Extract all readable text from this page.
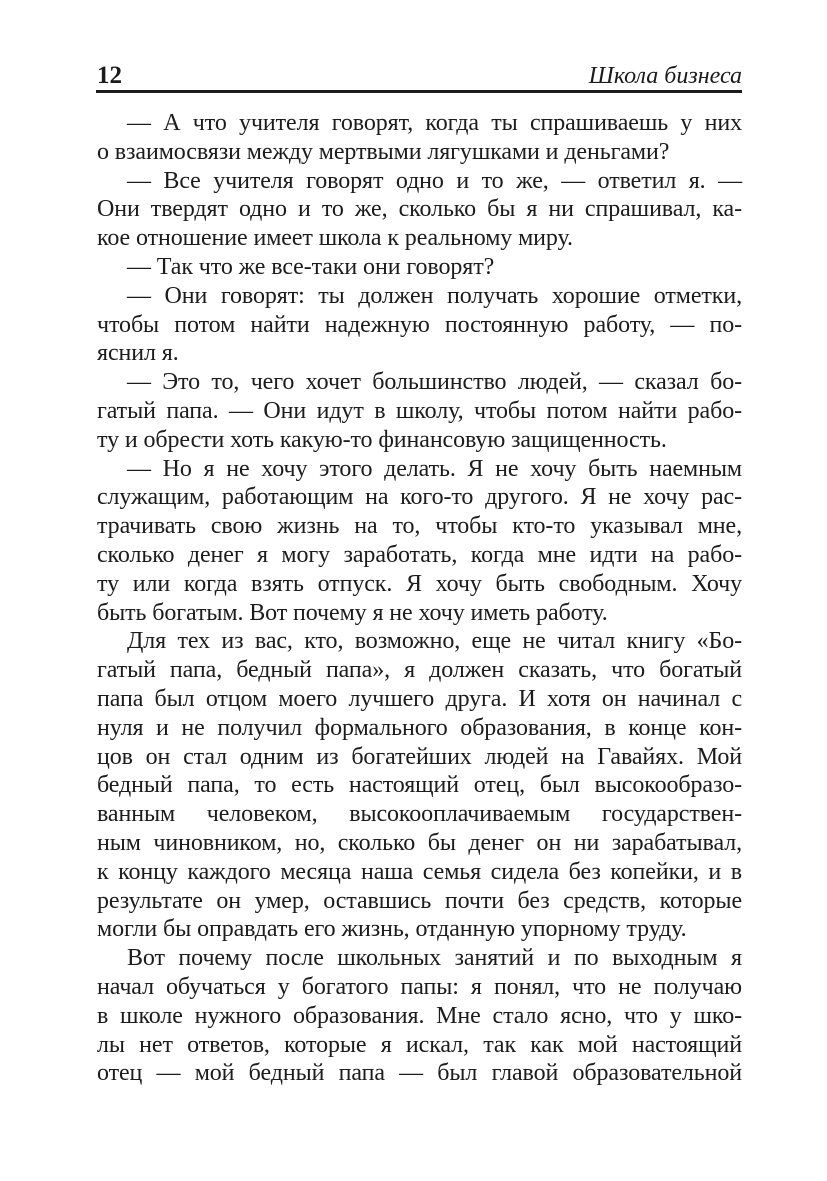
12	Школа бизнеса
— А что учителя говорят, когда ты спрашиваешь у них
о взаимосвязи между мертвыми лягушками и деньгами?
— Все учителя говорят одно и то же, — ответил я. —
Они твердят одно и то же, сколько бы я ни спрашивал, ка-
кое отношение имеет школа к реальному миру.
— Так что же все-таки они говорят?
— Они говорят: ты должен получать хорошие отметки,
чтобы потом найти надежную постоянную работу, — по-
яснил я.
— Это то, чего хочет большинство людей, — сказал бо-
гатый папа. — Они идут в школу, чтобы потом найти рабо-
ту и обрести хоть какую-то финансовую защищенность.
— Но я не хочу этого делать. Я не хочу быть наемным
служащим, работающим на кого-то другого. Я не хочу рас-
трачивать свою жизнь на то, чтобы кто-то указывал мне,
сколько денег я могу заработать, когда мне идти на рабо-
ту или когда взять отпуск. Я хочу быть свободным. Хочу
быть богатым. Вот почему я не хочу иметь работу.
Для тех из вас, кто, возможно, еще не читал книгу «Бо-
гатый папа, бедный папа», я должен сказать, что богатый
папа был отцом моего лучшего друга. И хотя он начинал с
нуля и не получил формального образования, в конце кон-
цов он стал одним из богатейших людей на Гавайях. Мой
бедный папа, то есть настоящий отец, был высокообразо-
ванным человеком, высокооплачиваемым государствен-
ным чиновником, но, сколько бы денег он ни зарабатывал,
к концу каждого месяца наша семья сидела без копейки, и в
результате он умер, оставшись почти без средств, которые
могли бы оправдать его жизнь, отданную упорному труду.
Вот почему после школьных занятий и по выходным я
начал обучаться у богатого папы: я понял, что не получаю
в школе нужного образования. Мне стало ясно, что у шко-
лы нет ответов, которые я искал, так как мой настоящий
отец — мой бедный папа — был главой образовательной
